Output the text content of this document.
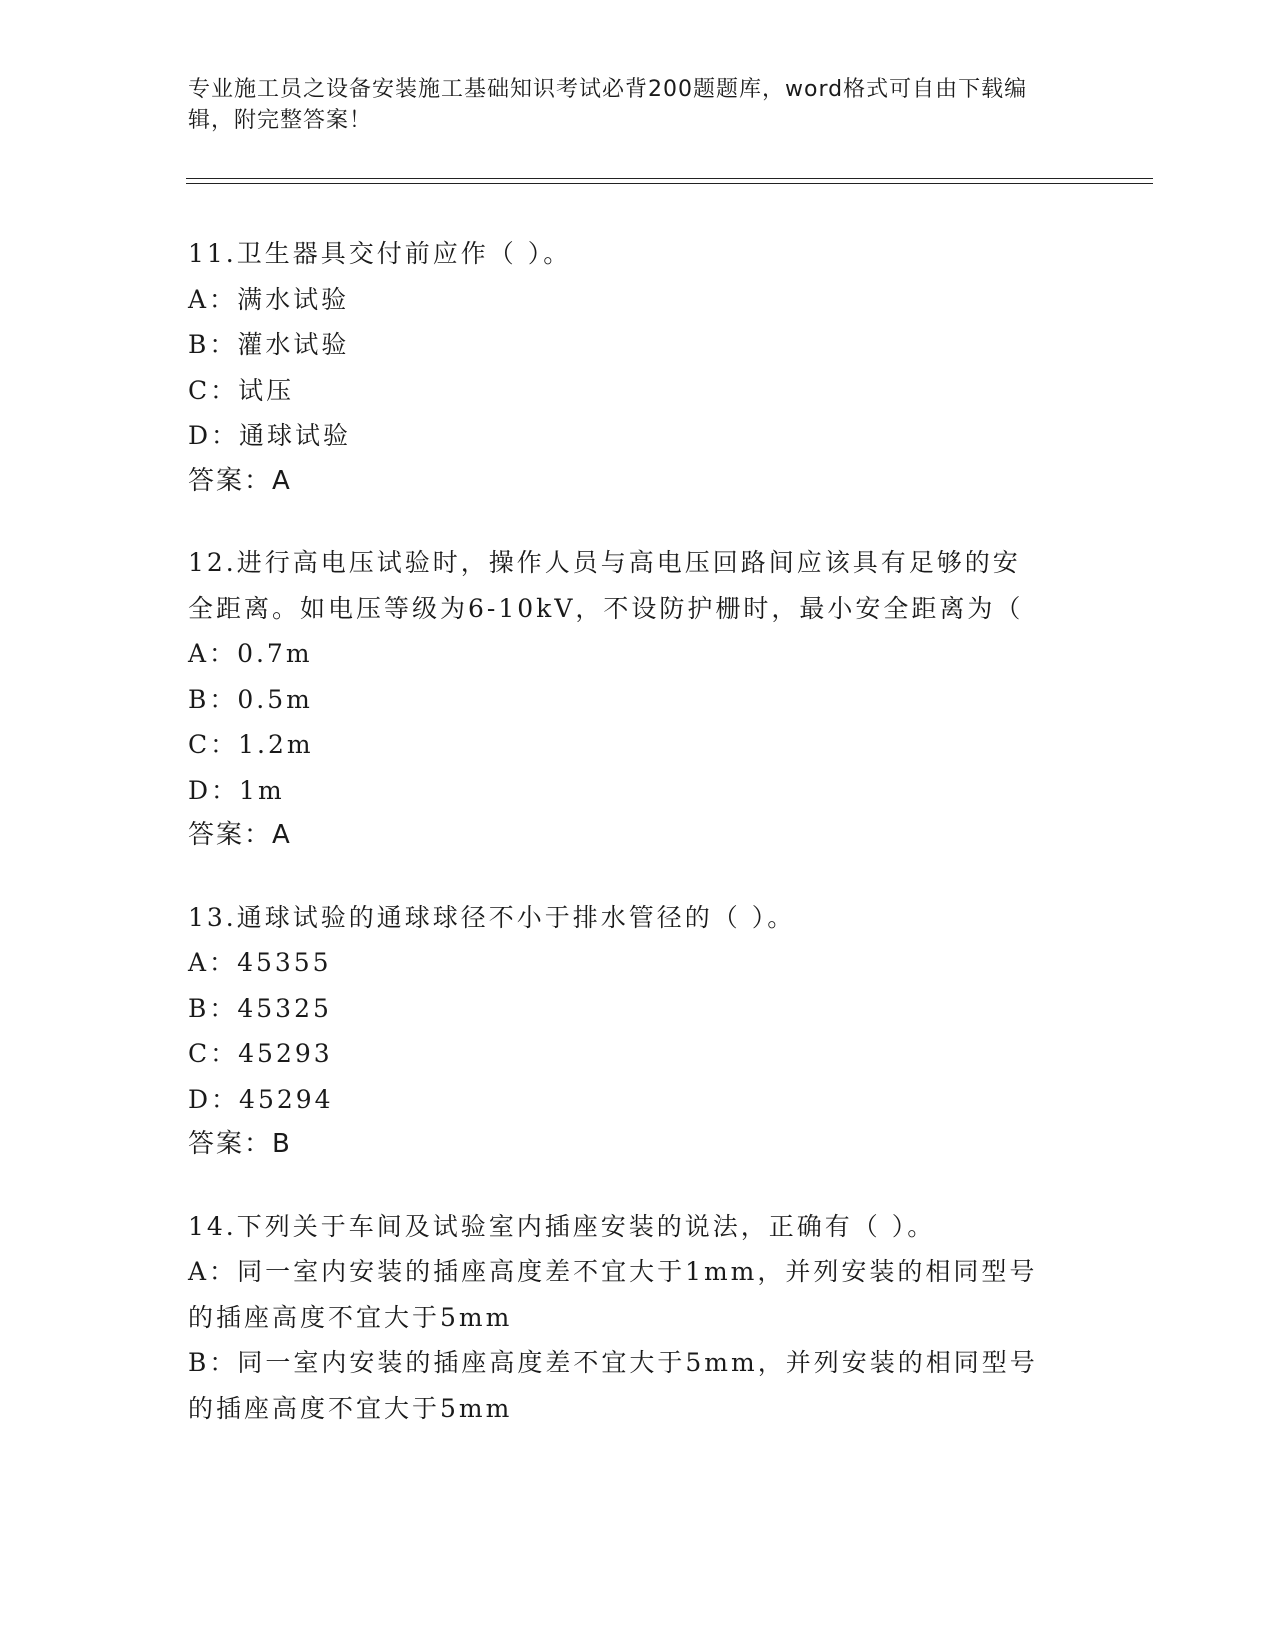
专业施工员之设备安装施工基础知识考试必背200题题库，word格式可自由下载编辑，附完整答案！
11.卫生器具交付前应作（ ）。
A：满水试验
B：灌水试验
C：试压
D：通球试验
答案：A
12.进行高电压试验时，操作人员与高电压回路间应该具有足够的安全距离。如电压等级为6-10kV，不设防护栅时，最小安全距离为（
A：0.7m
B：0.5m
C：1.2m
D：1m
答案：A
13.通球试验的通球球径不小于排水管径的（ ）。
A：45355
B：45325
C：45293
D：45294
答案：B
14.下列关于车间及试验室内插座安装的说法，正确有（ ）。
A：同一室内安装的插座高度差不宜大于1mm，并列安装的相同型号的插座高度不宜大于5mm
B：同一室内安装的插座高度差不宜大于5mm，并列安装的相同型号的插座高度不宜大于5mm
